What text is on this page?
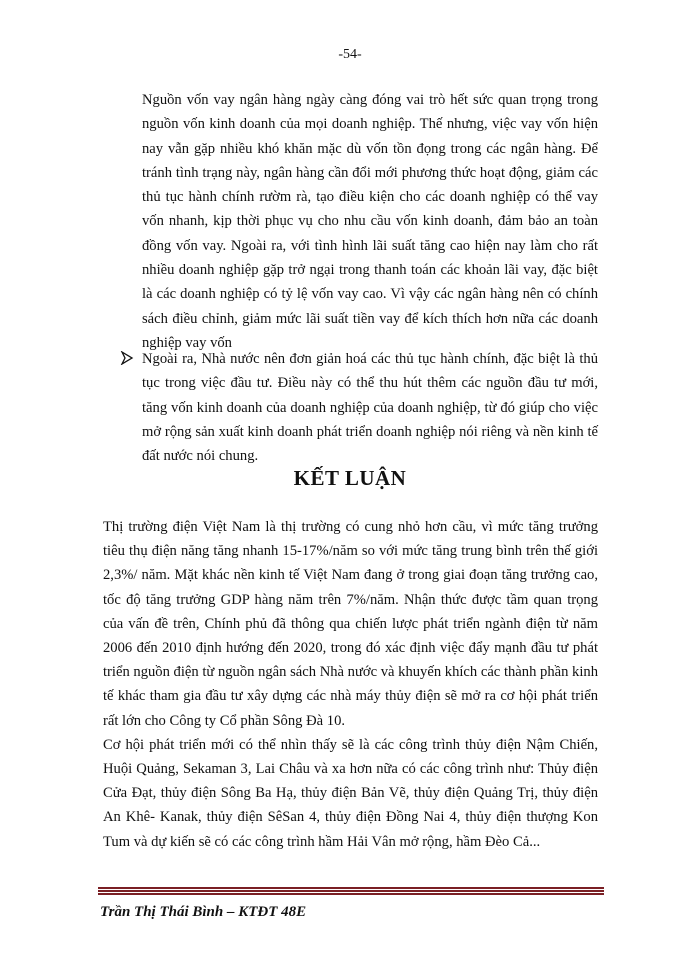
-54-
Nguồn vốn vay ngân hàng ngày càng đóng vai trò hết sức quan trọng trong nguồn vốn kinh doanh của mọi doanh nghiệp. Thế nhưng, việc vay vốn hiện nay vẫn gặp nhiều khó khăn mặc dù vốn tồn đọng trong các ngân hàng. Để tránh tình trạng này, ngân hàng cần đổi mới phương thức hoạt động, giảm các thủ tục hành chính rườm rà, tạo điều kiện cho các doanh nghiệp có thể vay vốn nhanh, kịp thời phục vụ cho nhu cầu vốn kinh doanh, đảm bảo an toàn đồng vốn vay. Ngoài ra, với tình hình lãi suất tăng cao hiện nay làm cho rất nhiều doanh nghiệp gặp trở ngại trong thanh toán các khoản lãi vay, đặc biệt là các doanh nghiệp có tỷ lệ vốn vay cao. Vì vậy các ngân hàng nên có chính sách điều chỉnh, giảm mức lãi suất tiền vay để kích thích hơn nữa các doanh nghiệp vay vốn
Ngoài ra, Nhà nước nên đơn giản hoá các thủ tục hành chính, đặc biệt là thủ tục trong việc đầu tư. Điều này có thể thu hút thêm các nguồn đầu tư mới, tăng vốn kinh doanh của doanh nghiệp của doanh nghiệp, từ đó giúp cho việc mở rộng sản xuất kinh doanh phát triển doanh nghiệp nói riêng và nền kinh tế đất nước nói chung.
KẾT LUẬN

Thị trường điện Việt Nam là thị trường có cung nhỏ hơn cầu, vì mức tăng trưởng tiêu thụ điện năng tăng nhanh 15-17%/năm so với mức tăng trung bình trên thế giới 2,3%/ năm. Mặt khác nền kinh tế Việt Nam đang ở trong giai đoạn tăng trưởng cao, tốc độ tăng trưởng GDP hàng năm trên 7%/năm. Nhận thức được tầm quan trọng của vấn đề trên, Chính phủ đã thông qua chiến lược phát triển ngành điện từ năm 2006 đến 2010 định hướng đến 2020, trong đó xác định việc đẩy mạnh đầu tư phát triển nguồn điện từ nguồn ngân sách Nhà nước và khuyến khích các thành phần kinh tế khác tham gia đầu tư xây dựng các nhà máy thủy điện sẽ mở ra cơ hội phát triển rất lớn cho Công ty Cổ phần Sông Đà 10.

Cơ hội phát triển mới có thể nhìn thấy sẽ là các công trình thủy điện Nậm Chiến, Huội Quảng, Sekaman 3, Lai Châu và xa hơn nữa có các công trình như: Thủy điện Cửa Đạt, thủy điện Sông Ba Hạ, thủy điện Bản Vẽ, thủy điện Quảng Trị, thủy điện An Khê- Kanak, thủy điện SêSan 4, thủy điện Đồng Nai 4, thủy điện thượng Kon Tum và dự kiến sẽ có các công trình hầm Hải Vân mở rộng, hầm Đèo Cả...

Trần Thị Thái Bình – KTĐT 48E
